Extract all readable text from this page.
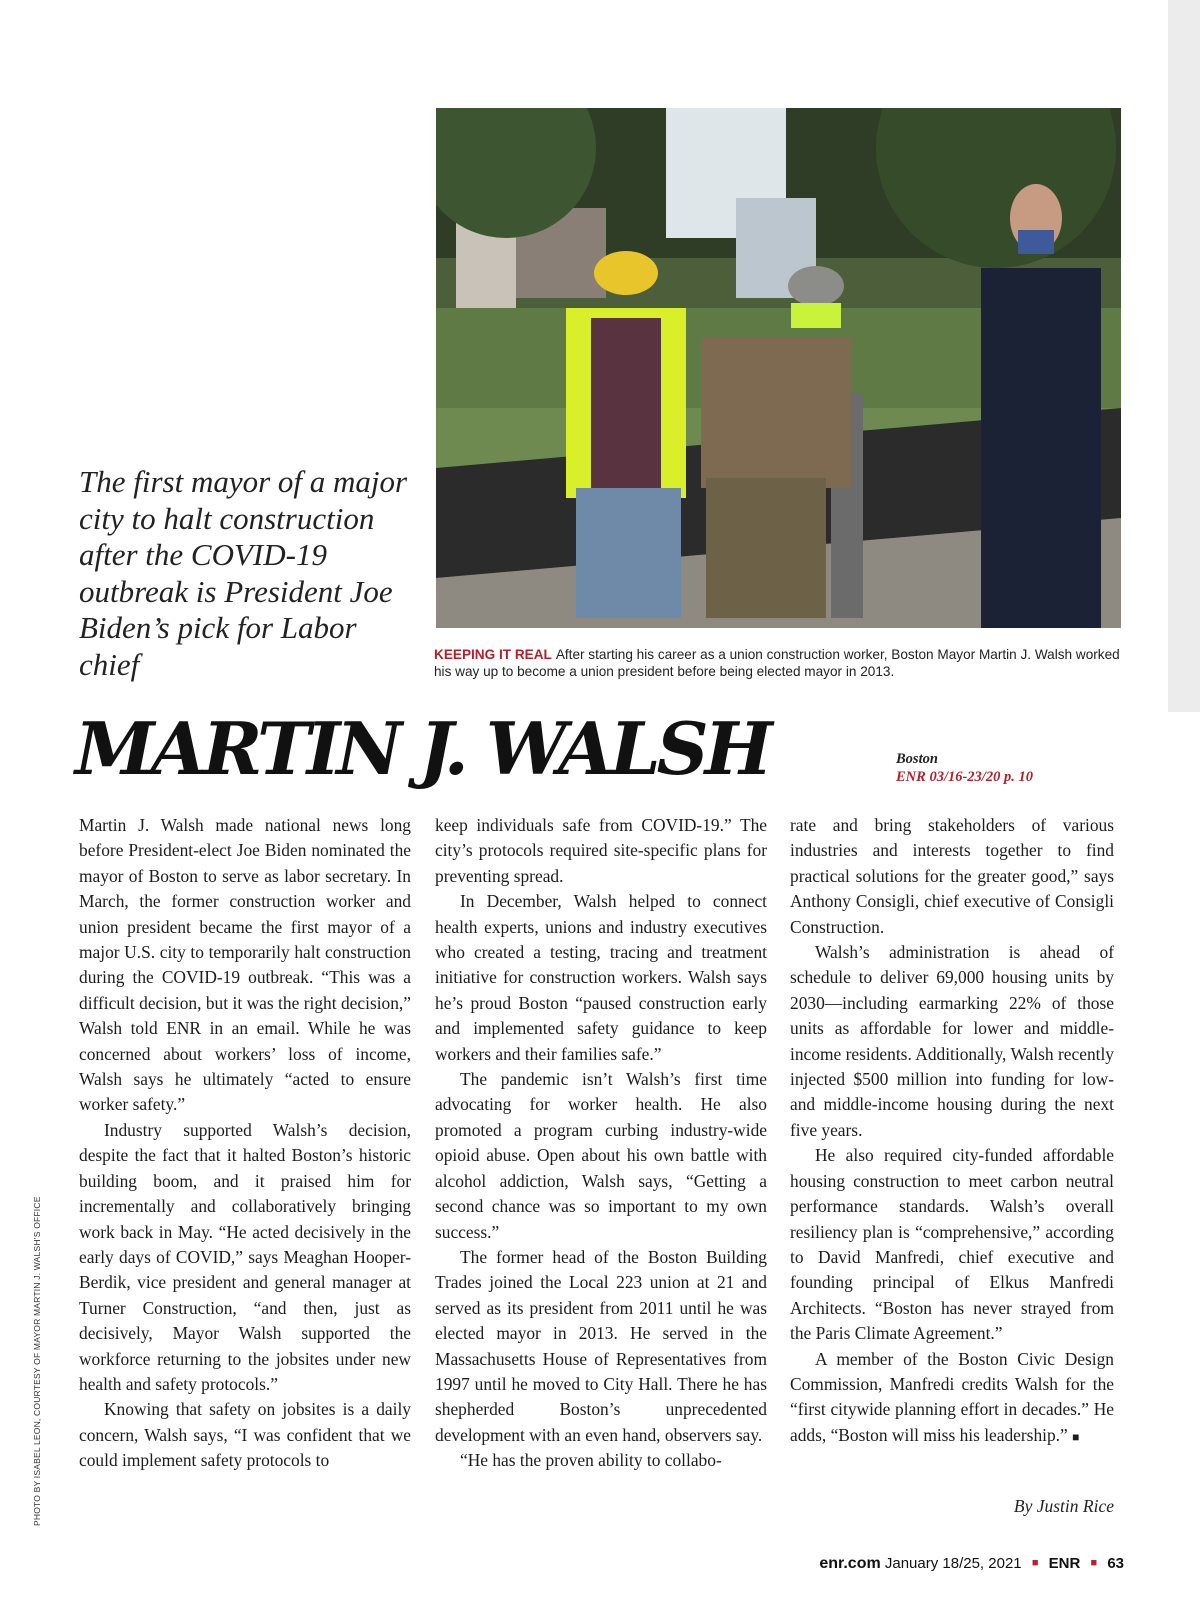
The first mayor of a major city to halt construction after the COVID-19 outbreak is President Joe Biden’s pick for Labor chief	KEEPING IT REAL After starting his career as a union construction worker, Boston Mayor Martin J. Walsh worked his way up to become a union president before being elected mayor in 2013.

MARTIN J. WALSH	Boston
ENR 03/16-23/20 p. 10

Martin J. Walsh made national news long before President-elect Joe Biden nominated the mayor of Boston to serve as labor secretary. In March, the former construction worker and union president became the first mayor of a major U.S. city to temporarily halt construction during the COVID-19 outbreak. “This was a difficult decision, but it was the right decision,” Walsh told ENR in an email. While he was concerned about workers’ loss of income, Walsh says he ultimately “acted to ensure worker safety.”

Industry supported Walsh’s decision, despite the fact that it halted Boston’s historic building boom, and it praised him for incrementally and collaboratively bringing work back in May. “He acted decisively in the early days of COVID,” says Meaghan Hooper-Berdik, vice president and general manager at Turner Construction, “and then, just as decisively, Mayor Walsh supported the workforce returning to the jobsites under new health and safety protocols.”

Knowing that safety on jobsites is a daily concern, Walsh says, “I was confident that we could implement safety protocols to

keep individuals safe from COVID-19.” The city’s protocols required site-specific plans for preventing spread.

In December, Walsh helped to connect health experts, unions and industry executives who created a testing, tracing and treatment initiative for construction workers. Walsh says he’s proud Boston “paused construction early and implemented safety guidance to keep workers and their families safe.”

The pandemic isn’t Walsh’s first time advocating for worker health. He also promoted a program curbing industry-wide opioid abuse. Open about his own battle with alcohol addiction, Walsh says, “Getting a second chance was so important to my own success.”

The former head of the Boston Building Trades joined the Local 223 union at 21 and served as its president from 2011 until he was elected mayor in 2013. He served in the Massachusetts House of Representatives from 1997 until he moved to City Hall. There he has shepherded Boston’s unprecedented development with an even hand, observers say.

“He has the proven ability to collabo-

rate and bring stakeholders of various industries and interests together to find practical solutions for the greater good,” says Anthony Consigli, chief executive of Consigli Construction.

Walsh’s administration is ahead of schedule to deliver 69,000 housing units by 2030—including earmarking 22% of those units as affordable for lower and middle-income residents. Additionally, Walsh recently injected $500 million into funding for low- and middle-income housing during the next five years.

He also required city-funded affordable housing construction to meet carbon neutral performance standards. Walsh’s overall resiliency plan is “comprehensive,” according to David Manfredi, chief executive and founding principal of Elkus Manfredi Architects. “Boston has never strayed from the Paris Climate Agreement.”

A member of the Boston Civic Design Commission, Manfredi credits Walsh for the “first citywide planning effort in decades.” He adds, “Boston will miss his leadership.” ■

By Justin Rice
PHOTO BY ISABEL LEON, COURTESY OF MAYOR MARTIN J. WALSH’S OFFICE
enr.com January 18/25, 2021 ■ ENR ■ 63
